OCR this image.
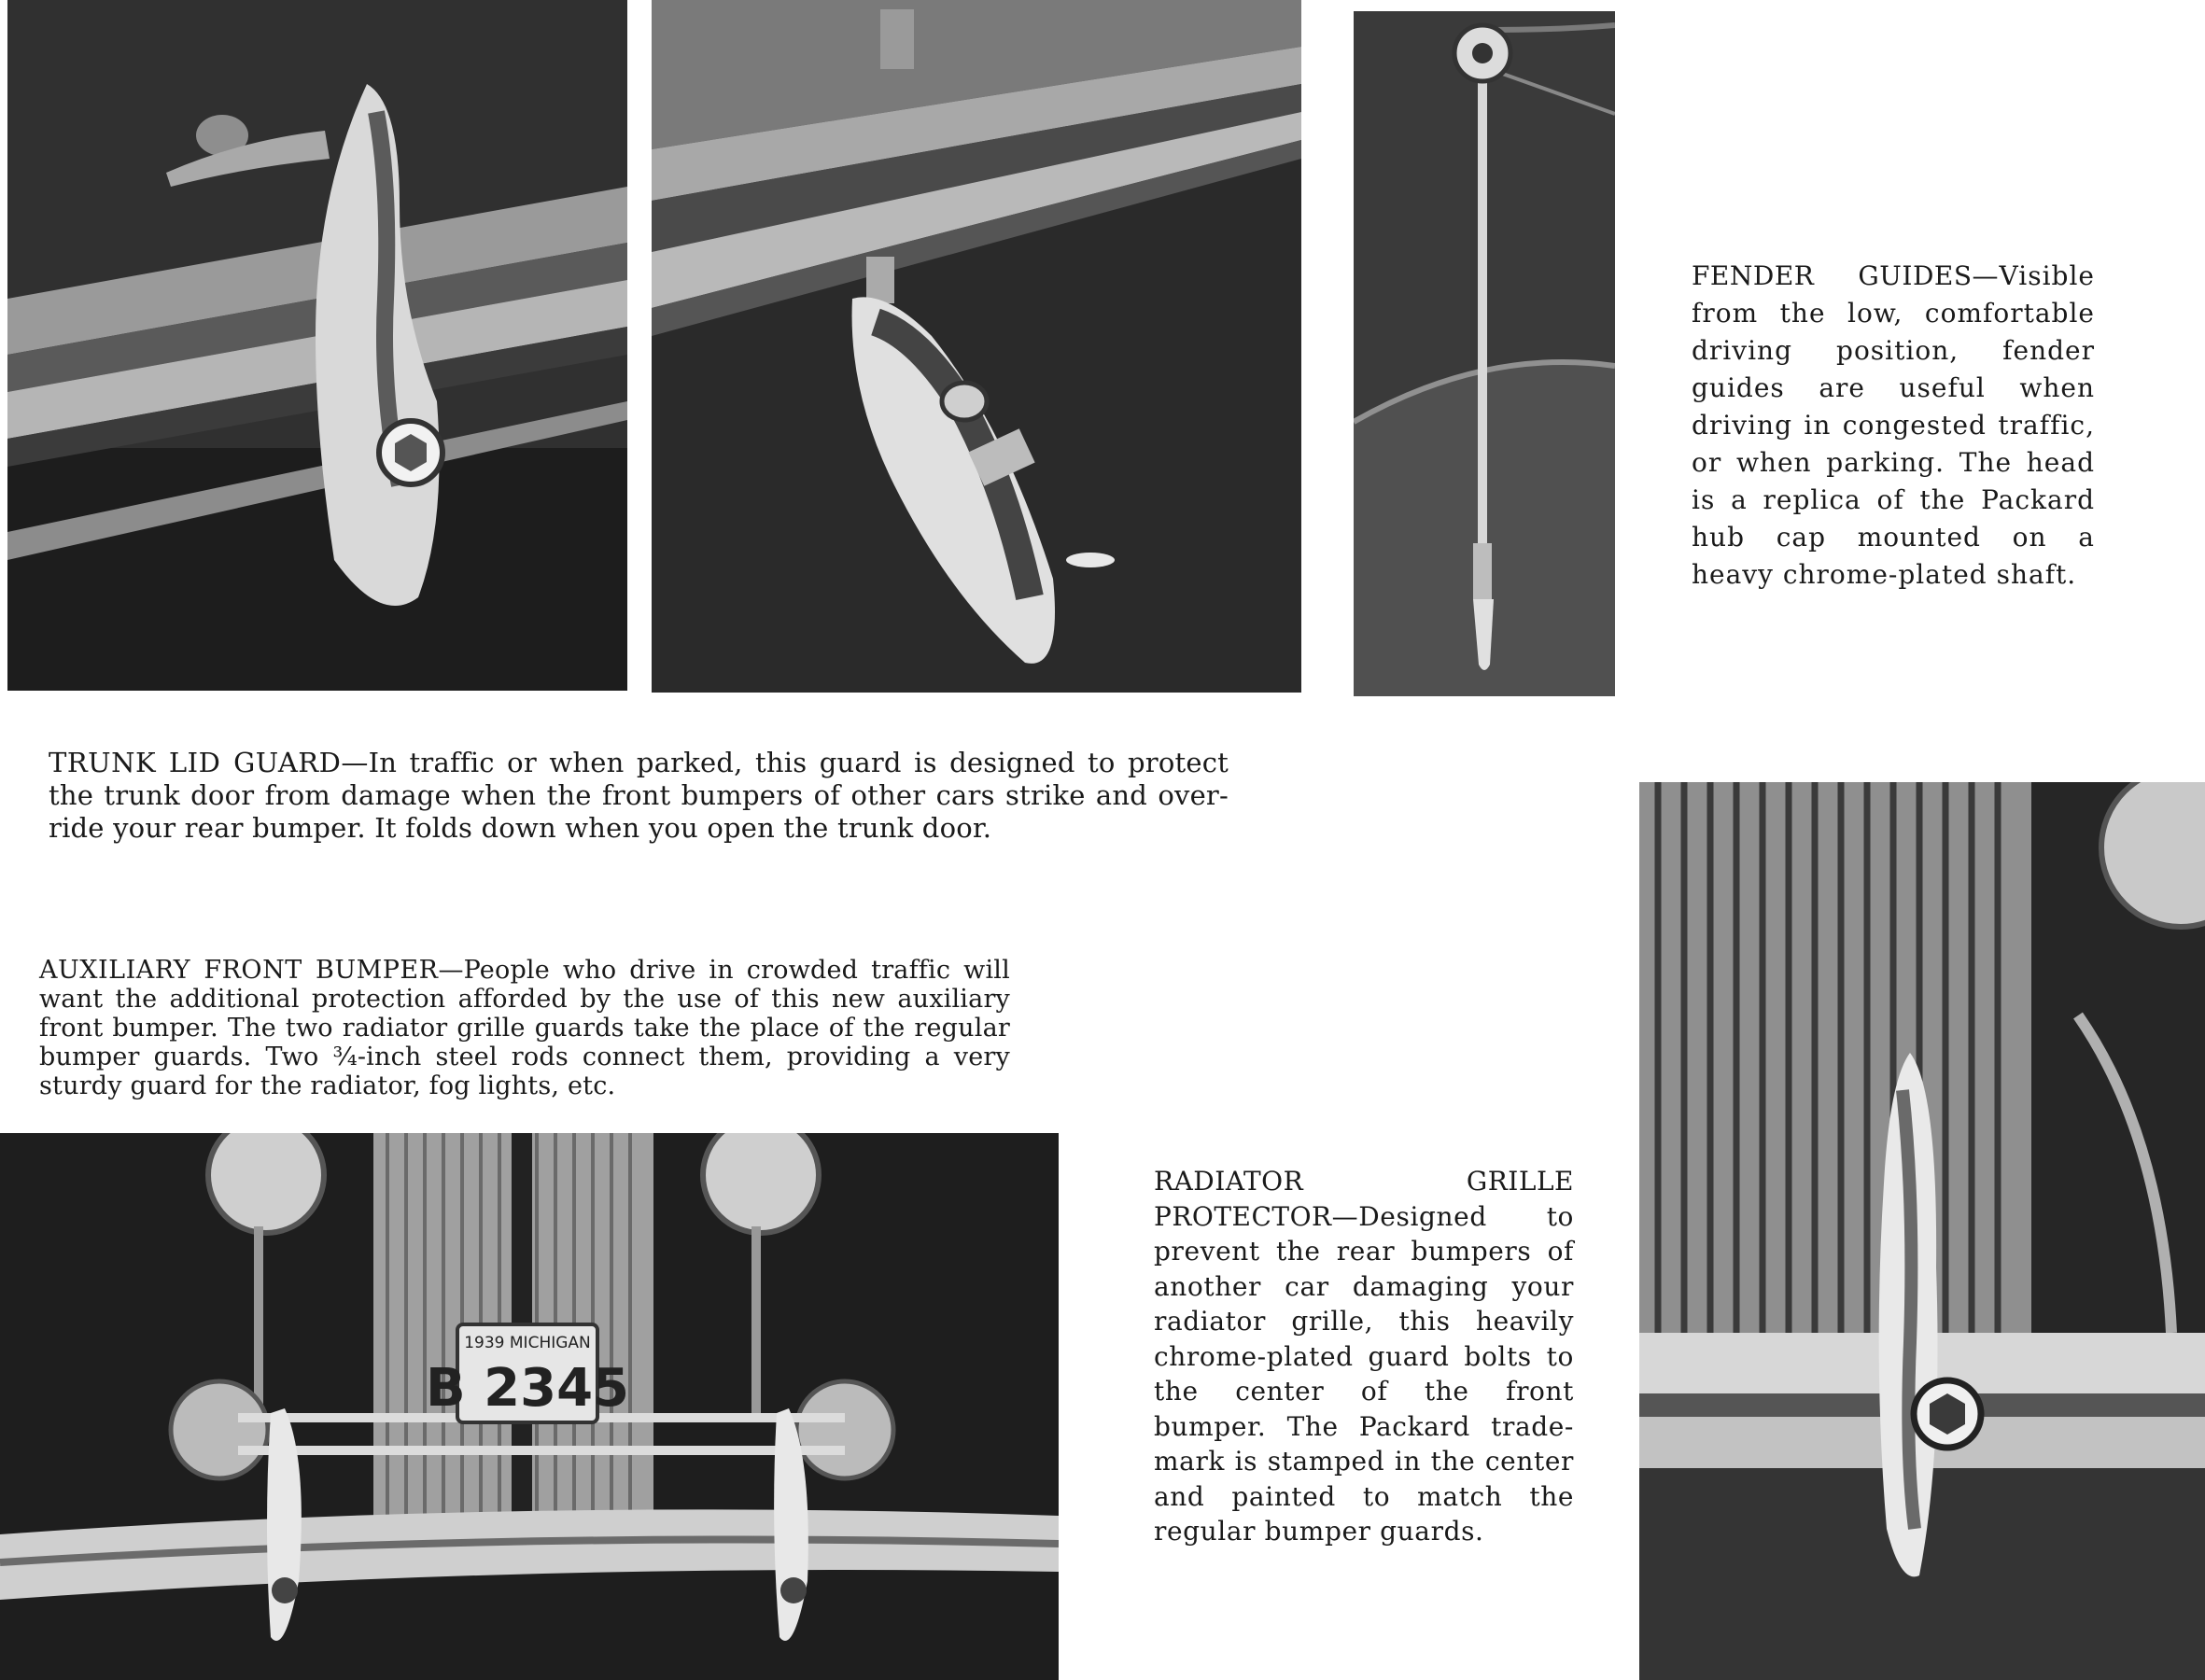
FENDER GUIDES—Visible from the low, comfortable driving position, fender guides are useful when driving in congested traffic, or when parking. The head is a replica of the Packard hub cap mounted on a heavy chrome-plated shaft.

TRUNK LID GUARD—In traffic or when parked, this guard is designed to protect the trunk door from damage when the front bumpers of other cars strike and over-ride your rear bumper. It folds down when you open the trunk door.

AUXILIARY FRONT BUMPER—People who drive in crowded traffic will want the additional protection afforded by the use of this new auxiliary front bumper. The two radiator grille guards take the place of the regular bumper guards. Two ¾-inch steel rods connect them, providing a very sturdy guard for the radiator, fog lights, etc.

1939 MICHIGAN
B 2345

RADIATOR GRILLE PROTECTOR—Designed to prevent the rear bumpers of another car damaging your radiator grille, this heavily chrome-plated guard bolts to the center of the front bumper. The Packard trade-mark is stamped in the center and painted to match the regular bumper guards.
